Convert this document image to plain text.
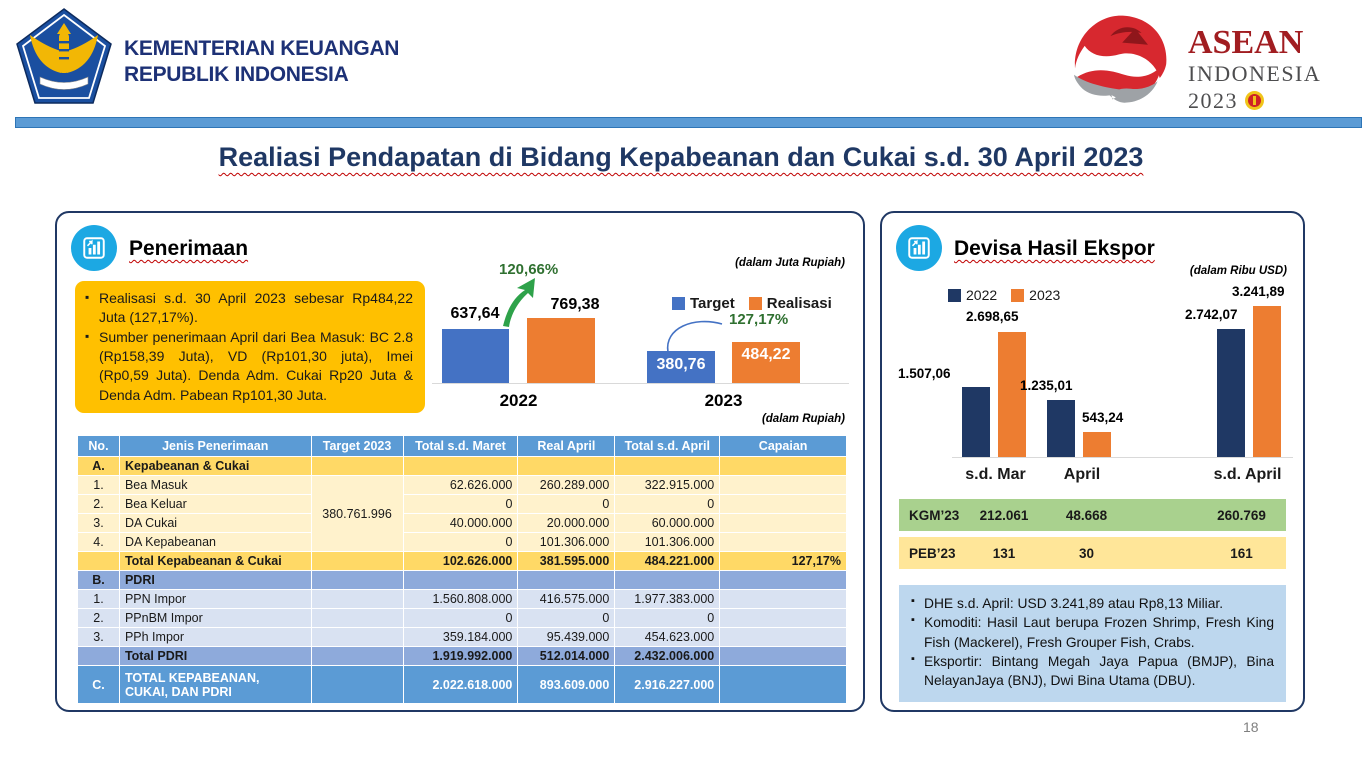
KEMENTERIAN KEUANGAN
REPUBLIK INDONESIA
ASEAN
INDONESIA
2023
Realiasi Pendapatan di Bidang Kepabeanan dan Cukai s.d. 30 April 2023
Penerimaan
(dalam Juta Rupiah)
▪ Realisasi s.d. 30 April 2023 sebesar Rp484,22 Juta (127,17%).
▪ Sumber penerimaan April dari Bea Masuk: BC 2.8 (Rp158,39 Juta), VD (Rp101,30 juta), Imei (Rp0,59 Juta). Denda Adm. Cukai Rp20 Juta & Denda Adm. Pabean Rp101,30 Juta.
637,64
769,38
380,76
484,22
120,66%
Target Realisasi
127,17%
2022	2023
(dalam Rupiah)
No.	Jenis Penerimaan	Target 2023	Total s.d. Maret	Real April	Total s.d. April	Capaian
A.	Kepabeanan & Cukai					
1.	Bea Masuk	380.761.996	62.626.000	260.289.000	322.915.000	
2.	Bea Keluar		0	0	0	
3.	DA Cukai		40.000.000	20.000.000	60.000.000	
4.	DA Kepabeanan		0	101.306.000	101.306.000	
	Total Kepabeanan & Cukai		102.626.000	381.595.000	484.221.000	127,17%
B.	PDRI					
1.	PPN Impor		1.560.808.000	416.575.000	1.977.383.000	
2.	PPnBM Impor		0	0	0	
3.	PPh Impor		359.184.000	95.439.000	454.623.000	
	Total PDRI		1.919.992.000	512.014.000	2.432.006.000	
C.	TOTAL KEPABEANAN, CUKAI, DAN PDRI		2.022.618.000	893.609.000	2.916.227.000	
Devisa Hasil Ekspor
(dalam Ribu USD)
2022 2023
1.507,06
2.698,65
1.235,01
543,24
2.742,07
3.241,89
s.d. Mar	April	s.d. April
KGM’23	212.061	48.668	260.769
PEB’23	131	30	161
▪ DHE s.d. April: USD 3.241,89 atau Rp8,13 Miliar.
▪ Komoditi: Hasil Laut berupa Frozen Shrimp, Fresh King Fish (Mackerel), Fresh Grouper Fish, Crabs.
▪ Eksportir: Bintang Megah Jaya Papua (BMJP), Bina NelayanJaya (BNJ), Dwi Bina Utama (DBU).
18
